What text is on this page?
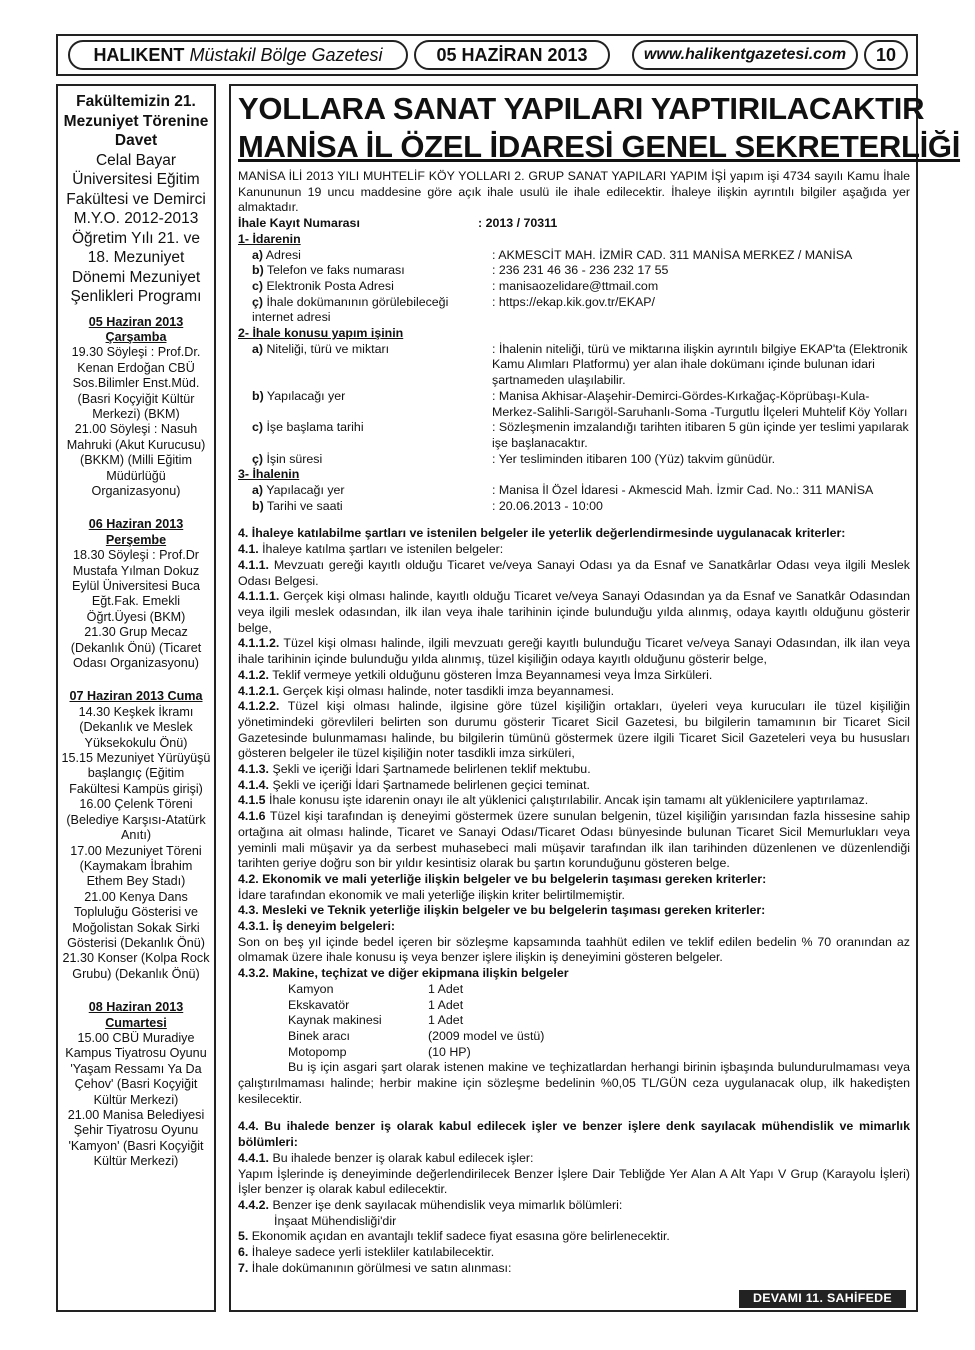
HALIKENT
Müstakil Bölge Gazetesi	05 HAZİRAN 2013	www.halikentgazetesi.com 10

Fakültemizin 21. Mezuniyet Törenine Davet

Celal Bayar Üniversitesi Eğitim Fakültesi ve Demirci M.Y.O. 2012-2013 Öğretim Yılı 21. ve 18. Mezuniyet Dönemi Mezuniyet Şenlikleri Programı

05 Haziran 2013 Çarşamba

19.30 Söyleşi : Prof.Dr. Kenan Erdoğan CBÜ Sos.Bilimler Enst.Müd. (Basri Koçyiğit Kültür Merkezi) (BKM)

21.00 Söyleşi : Nasuh Mahruki (Akut Kurucusu) (BKKM) (Milli Eğitim Müdürlüğü Organizasyonu)

06 Haziran 2013 Perşembe

18.30 Söyleşi : Prof.Dr Mustafa Yılman Dokuz Eylül Üniversitesi Buca Eğt.Fak. Emekli Öğrt.Üyesi (BKM)

21.30 Grup Mecaz (Dekanlık Önü) (Ticaret Odası Organizasyonu)

07 Haziran 2013 Cuma

14.30 Keşkek İkramı (Dekanlık ve Meslek Yüksekokulu Önü)

15.15 Mezuniyet Yürüyüşü başlangıç (Eğitim Fakültesi Kampüs girişi)

16.00 Çelenk Töreni (Belediye Karşısı-Atatürk Anıtı)

17.00 Mezuniyet Töreni (Kaymakam İbrahim Ethem Bey Stadı)

21.00 Kenya Dans Topluluğu Gösterisi ve Moğolistan Sokak Sirki Gösterisi (Dekanlık Önü)

21.30 Konser (Kolpa Rock Grubu) (Dekanlık Önü)

08 Haziran 2013 Cumartesi

15.00 CBÜ Muradiye Kampus Tiyatrosu Oyunu 'Yaşam Ressamı Ya Da Çehov' (Basri Koçyiğit Kültür Merkezi)

21.00 Manisa Belediyesi Şehir Tiyatrosu Oyunu 'Kamyon' (Basri Koçyiğit Kültür Merkezi)

YOLLARA SANAT YAPILARI YAPTIRILACAKTIR
MANİSA İL ÖZEL İDARESİ GENEL SEKRETERLİĞİ

MANİSA İLİ 2013 YILI MUHTELİF KÖY YOLLARI 2. GRUP SANAT YAPILARI YAPIM İŞİ yapım işi 4734 sayılı Kamu İhale Kanununun 19 uncu maddesine göre açık ihale usulü ile ihale edilecektir. İhaleye ilişkin ayrıntılı bilgiler aşağıda yer almaktadır.

İhale Kayıt Numarası	: 2013 / 70311
1- İdarenin
a) Adresi	: AKMESCİT MAH. İZMİR CAD. 311 MANİSA MERKEZ / MANİSA
b) Telefon ve faks numarası	: 236 231 46 36 - 236 232 17 55
c) Elektronik Posta Adresi	: manisaozelidare@ttmail.com
ç) İhale dokümanının görülebileceği internet adresi
: https://ekap.kik.gov.tr/EKAP/
2- İhale konusu yapım işinin
a) Niteliği, türü ve miktarı	: İhalenin niteliği, türü ve miktarına ilişkin ayrıntılı bilgiye EKAP'ta (Elektronik Kamu Alımları Platformu) yer alan ihale dokümanı içinde bulunan idari şartnameden ulaşılabilir.
b) Yapılacağı yer	: Manisa Akhisar-Alaşehir-Demirci-Gördes-Kırkağaç-Köprübaşı-Kula-Merkez-Salihli-Sarıgöl-Saruhanlı-Soma -Turgutlu İlçeleri Muhtelif Köy Yolları
c) İşe başlama tarihi	: Sözleşmenin imzalandığı tarihten itibaren 5 gün içinde yer teslimi yapılarak işe başlanacaktır.
ç) İşin süresi	: Yer tesliminden itibaren 100 (Yüz) takvim günüdür.
3- İhalenin
a) Yapılacağı yer	: Manisa İl Özel İdaresi - Akmescid Mah. İzmir Cad. No.: 311 MANİSA
b) Tarihi ve saati	: 20.06.2013 - 10:00

4. İhaleye katılabilme şartları ve istenilen belgeler ile yeterlik değerlendirmesinde uygulanacak kriterler:

4.1. İhaleye katılma şartları ve istenilen belgeler:

4.1.1. Mevzuatı gereği kayıtlı olduğu Ticaret ve/veya Sanayi Odası ya da Esnaf ve Sanatkârlar Odası veya ilgili Meslek Odası Belgesi.

4.1.1.1. Gerçek kişi olması halinde, kayıtlı olduğu Ticaret ve/veya Sanayi Odasından ya da Esnaf ve Sanatkâr Odasından veya ilgili meslek odasından, ilk ilan veya ihale tarihinin içinde bulunduğu yılda alınmış, odaya kayıtlı olduğunu gösterir belge,

4.1.1.2. Tüzel kişi olması halinde, ilgili mevzuatı gereği kayıtlı bulunduğu Ticaret ve/veya Sanayi Odasından, ilk ilan veya ihale tarihinin içinde bulunduğu yılda alınmış, tüzel kişiliğin odaya kayıtlı olduğunu gösterir belge,

4.1.2. Teklif vermeye yetkili olduğunu gösteren İmza Beyannamesi veya İmza Sirküleri.

4.1.2.1. Gerçek kişi olması halinde, noter tasdikli imza beyannamesi.

4.1.2.2. Tüzel kişi olması halinde, ilgisine göre tüzel kişiliğin ortakları, üyeleri veya kurucuları ile tüzel kişiliğin yönetimindeki görevlileri belirten son durumu gösterir Ticaret Sicil Gazetesi, bu bilgilerin tamamının bir Ticaret Sicil Gazetesinde bulunmaması halinde, bu bilgilerin tümünü göstermek üzere ilgili Ticaret Sicil Gazeteleri veya bu hususları gösteren belgeler ile tüzel kişiliğin noter tasdikli imza sirküleri,

4.1.3. Şekli ve içeriği İdari Şartnamede belirlenen teklif mektubu.

4.1.4. Şekli ve içeriği İdari Şartnamede belirlenen geçici teminat.

4.1.5 İhale konusu işte idarenin onayı ile alt yüklenici çalıştırılabilir. Ancak işin tamamı alt yüklenicilere yaptırılamaz.

4.1.6 Tüzel kişi tarafından iş deneyimi göstermek üzere sunulan belgenin, tüzel kişiliğin yarısından fazla hissesine sahip ortağına ait olması halinde, Ticaret ve Sanayi Odası/Ticaret Odası bünyesinde bulunan Ticaret Sicil Memurlukları veya yeminli mali müşavir ya da serbest muhasebeci mali müşavir tarafından ilk ilan tarihinden düzenlenen ve düzenlendiği tarihten geriye doğru son bir yıldır kesintisiz olarak bu şartın korunduğunu gösteren belge.

4.2. Ekonomik ve mali yeterliğe ilişkin belgeler ve bu belgelerin taşıması gereken kriterler:

İdare tarafından ekonomik ve mali yeterliğe ilişkin kriter belirtilmemiştir.

4.3. Mesleki ve Teknik yeterliğe ilişkin belgeler ve bu belgelerin taşıması gereken kriterler:

4.3.1. İş deneyim belgeleri:

Son on beş yıl içinde bedel içeren bir sözleşme kapsamında taahhüt edilen ve teklif edilen bedelin % 70 oranından az olmamak üzere ihale konusu iş veya benzer işlere ilişkin iş deneyimini gösteren belgeler.

4.3.2. Makine, teçhizat ve diğer ekipmana ilişkin belgeler

Kamyon	1 Adet
Ekskavatör	1 Adet
Kaynak makinesi	1 Adet
Binek aracı	(2009 model ve üstü)
Motopomp	(10 HP)

Bu iş için asgari şart olarak istenen makine ve teçhizatlardan herhangi birinin işbaşında bulundurulmaması veya çalıştırılmaması halinde; herbir makine için sözleşme bedelinin %0,05 TL/GÜN ceza uygulanacak olup, ilk hakedişten kesilecektir.

4.4. Bu ihalede benzer iş olarak kabul edilecek işler ve benzer işlere denk sayılacak mühendislik ve mimarlık bölümleri:

4.4.1. Bu ihalede benzer iş olarak kabul edilecek işler:

Yapım İşlerinde iş deneyiminde değerlendirilecek Benzer İşlere Dair Tebliğde Yer Alan A Alt Yapı V Grup (Karayolu İşleri) İşler benzer iş olarak kabul edilecektir.

4.4.2. Benzer işe denk sayılacak mühendislik veya mimarlık bölümleri:

İnşaat Mühendisliği'dir

5. Ekonomik açıdan en avantajlı teklif sadece fiyat esasına göre belirlenecektir.

6. İhaleye sadece yerli istekliler katılabilecektir.

7. İhale dokümanının görülmesi ve satın alınması:

DEVAMI 11. SAHİFEDE
